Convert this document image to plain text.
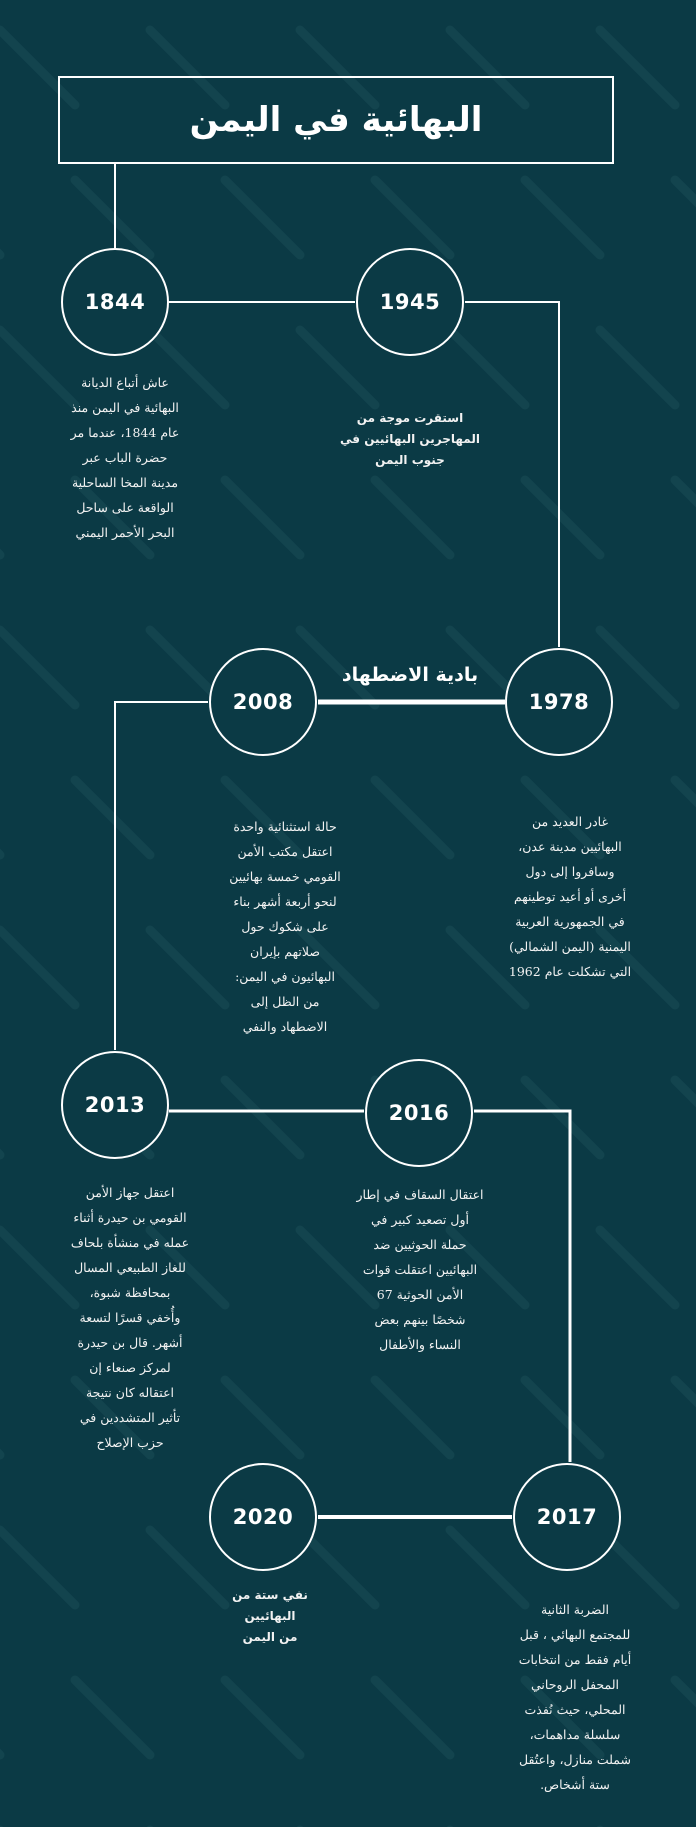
البهائية في اليمن
بادية الاضطهاد
1844	1945
1978
2008
2013	2016
2017
2020
عاش أتباع الديانة
البهائية في اليمن منذ
عام 1844، عندما مر
حضرة الباب عبر
مدينة المخا الساحلية
الواقعة على ساحل
البحر الأحمر اليمني
استقرت موجة من
المهاجرين البهائيين في
جنوب اليمن
غادر العديد من
البهائيين مدينة عدن،
وسافروا إلى دول
أخرى أو أعيد توطينهم
في الجمهورية العربية
اليمنية (اليمن الشمالي)
التي تشكلت عام 1962
حالة استثنائية واحدة
اعتقل مكتب الأمن
القومي خمسة بهائيين
لنحو أربعة أشهر بناء
على شكوك حول
صلاتهم بإيران
البهائيون في اليمن:
من الظل إلى
الاضطهاد والنفي
اعتقل جهاز الأمن
القومي بن حيدرة أثناء
عمله في منشأة بلحاف
للغاز الطبيعي المسال
بمحافظة شبوة،
وأُخفي قسرًا لتسعة
أشهر. قال بن حيدرة
لمركز صنعاء إن
اعتقاله كان نتيجة
تأثير المتشددين في
حزب الإصلاح
اعتقال السقاف في إطار
أول تصعيد كبير في
حملة الحوثيين ضد
البهائيين اعتقلت قوات
الأمن الحوثية 67
شخصًا بينهم بعض
النساء والأطفال
الضربة الثانية
للمجتمع البهائي ، قبل
أيام فقط من انتخابات
المحفل الروحاني
المحلي، حيث نُفذت
سلسلة مداهمات،
شملت منازل، واعتُقل
ستة أشخاص.
نفي ستة من
البهائيين
من اليمن
